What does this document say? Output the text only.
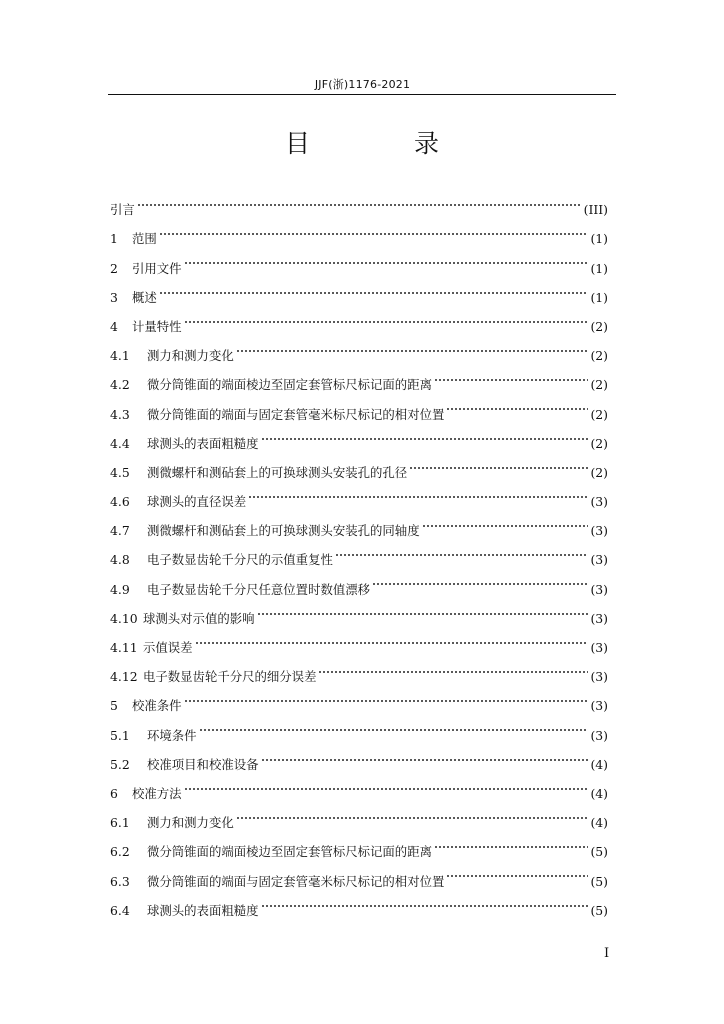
JJF(浙)1176-2021
目 录
引言	(III)
1	范围	(1)
2	引用文件	(1)
3	概述	(1)
4	计量特性	(2)
4.1	测力和测力变化	(2)
4.2	微分筒锥面的端面棱边至固定套管标尺标记面的距离	(2)
4.3	微分筒锥面的端面与固定套管毫米标尺标记的相对位置	(2)
4.4	球测头的表面粗糙度	(2)
4.5	测微螺杆和测砧套上的可换球测头安装孔的孔径	(2)
4.6	球测头的直径误差	(3)
4.7	测微螺杆和测砧套上的可换球测头安装孔的同轴度	(3)
4.8	电子数显齿轮千分尺的示值重复性	(3)
4.9	电子数显齿轮千分尺任意位置时数值漂移	(3)
4.10 球测头对示值的影响	(3)
4.11 示值误差	(3)
4.12 电子数显齿轮千分尺的细分误差	(3)
5	校准条件	(3)
5.1	环境条件	(3)
5.2	校准项目和校准设备	(4)
6	校准方法	(4)
6.1	测力和测力变化	(4)
6.2	微分筒锥面的端面棱边至固定套管标尺标记面的距离	(5)
6.3	微分筒锥面的端面与固定套管毫米标尺标记的相对位置	(5)
6.4	球测头的表面粗糙度	(5)
I
